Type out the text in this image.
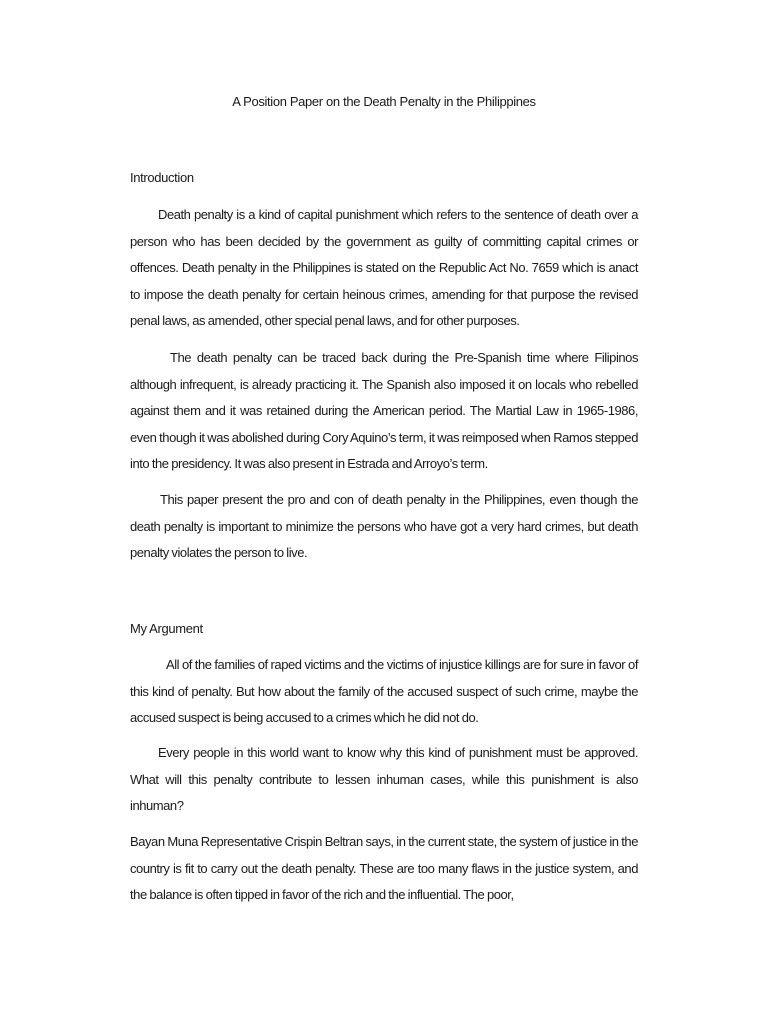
A Position Paper on the Death Penalty in the Philippines
Introduction

Death penalty is a kind of capital punishment which refers to the sentence of death over a person who has been decided by the government as guilty of committing capital crimes or offences. Death penalty in the Philippines is stated on the Republic Act No. 7659 which is anact to impose the death penalty for certain heinous crimes, amending for that purpose the revised penal laws, as amended, other special penal laws, and for other purposes.

The death penalty can be traced back during the Pre-Spanish time where Filipinos although infrequent, is already practicing it. The Spanish also imposed it on locals who rebelled against them and it was retained during the American period. The Martial Law in 1965-1986, even though it was abolished during Cory Aquino’s term, it was reimposed when Ramos stepped into the presidency. It was also present in Estrada and Arroyo’s term.

This paper present the pro and con of death penalty in the Philippines, even though the death penalty is important to minimize the persons who have got a very hard crimes, but death penalty violates the person to live.

My Argument

All of the families of raped victims and the victims of injustice killings are for sure in favor of this kind of penalty. But how about the family of the accused suspect of such crime, maybe the accused suspect is being accused to a crimes which he did not do.

Every people in this world want to know why this kind of punishment must be approved. What will this penalty contribute to lessen inhuman cases, while this punishment is also inhuman?

Bayan Muna Representative Crispin Beltran says, in the current state, the system of justice in the country is fit to carry out the death penalty. These are too many flaws in the justice system, and the balance is often tipped in favor of the rich and the influential. The poor,
